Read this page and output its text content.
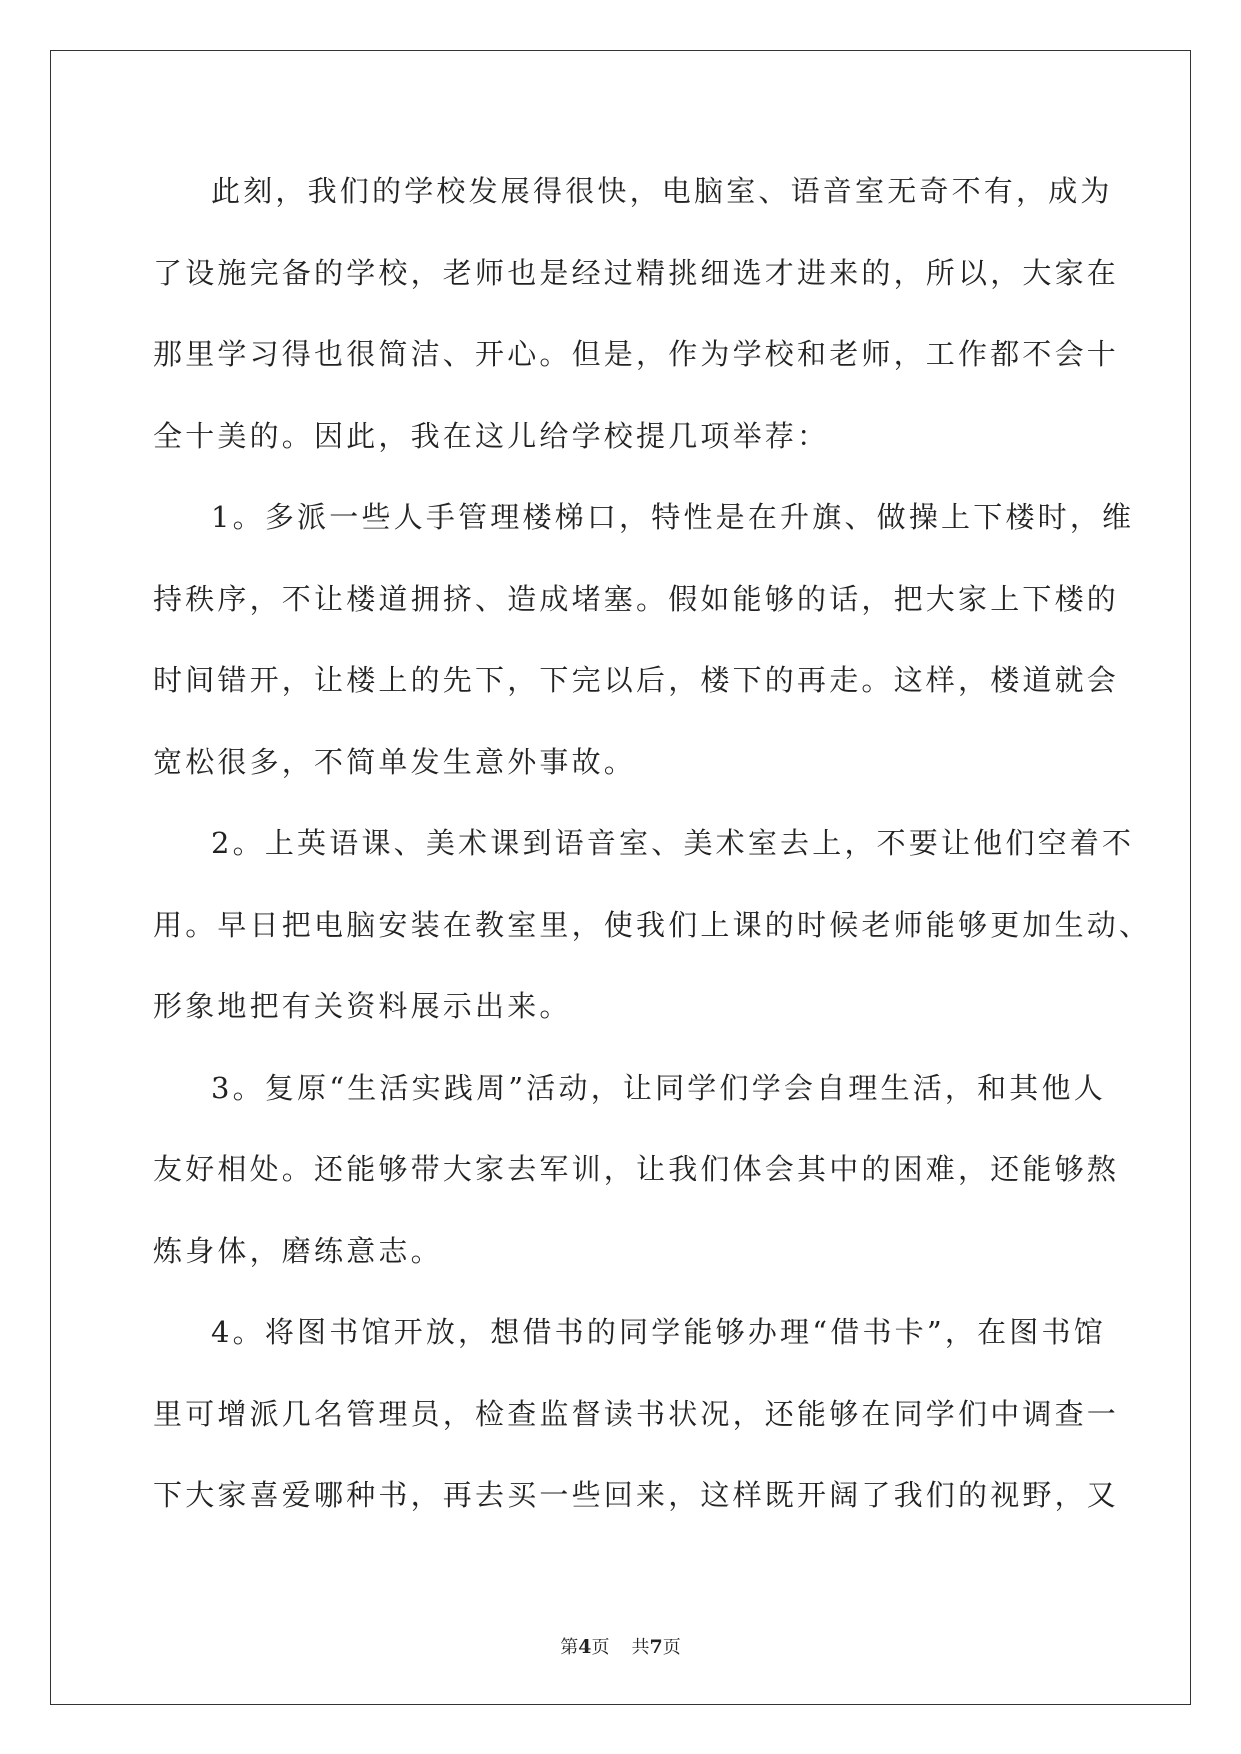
此刻，我们的学校发展得很快，电脑室、语音室无奇不有，成为
了设施完备的学校，老师也是经过精挑细选才进来的，所以，大家在
那里学习得也很简洁、开心。但是，作为学校和老师，工作都不会十
全十美的。因此，我在这儿给学校提几项举荐：
1。多派一些人手管理楼梯口，特性是在升旗、做操上下楼时，维
持秩序，不让楼道拥挤、造成堵塞。假如能够的话，把大家上下楼的
时间错开，让楼上的先下，下完以后，楼下的再走。这样，楼道就会
宽松很多，不简单发生意外事故。
2。上英语课、美术课到语音室、美术室去上，不要让他们空着不
用。早日把电脑安装在教室里，使我们上课的时候老师能够更加生动、
形象地把有关资料展示出来。
3。复原“生活实践周”活动，让同学们学会自理生活，和其他人
友好相处。还能够带大家去军训，让我们体会其中的困难，还能够熬
炼身体，磨练意志。
4。将图书馆开放，想借书的同学能够办理“借书卡”，在图书馆
里可增派几名管理员，检查监督读书状况，还能够在同学们中调查一
下大家喜爱哪种书，再去买一些回来，这样既开阔了我们的视野，又
第4页 共7页
